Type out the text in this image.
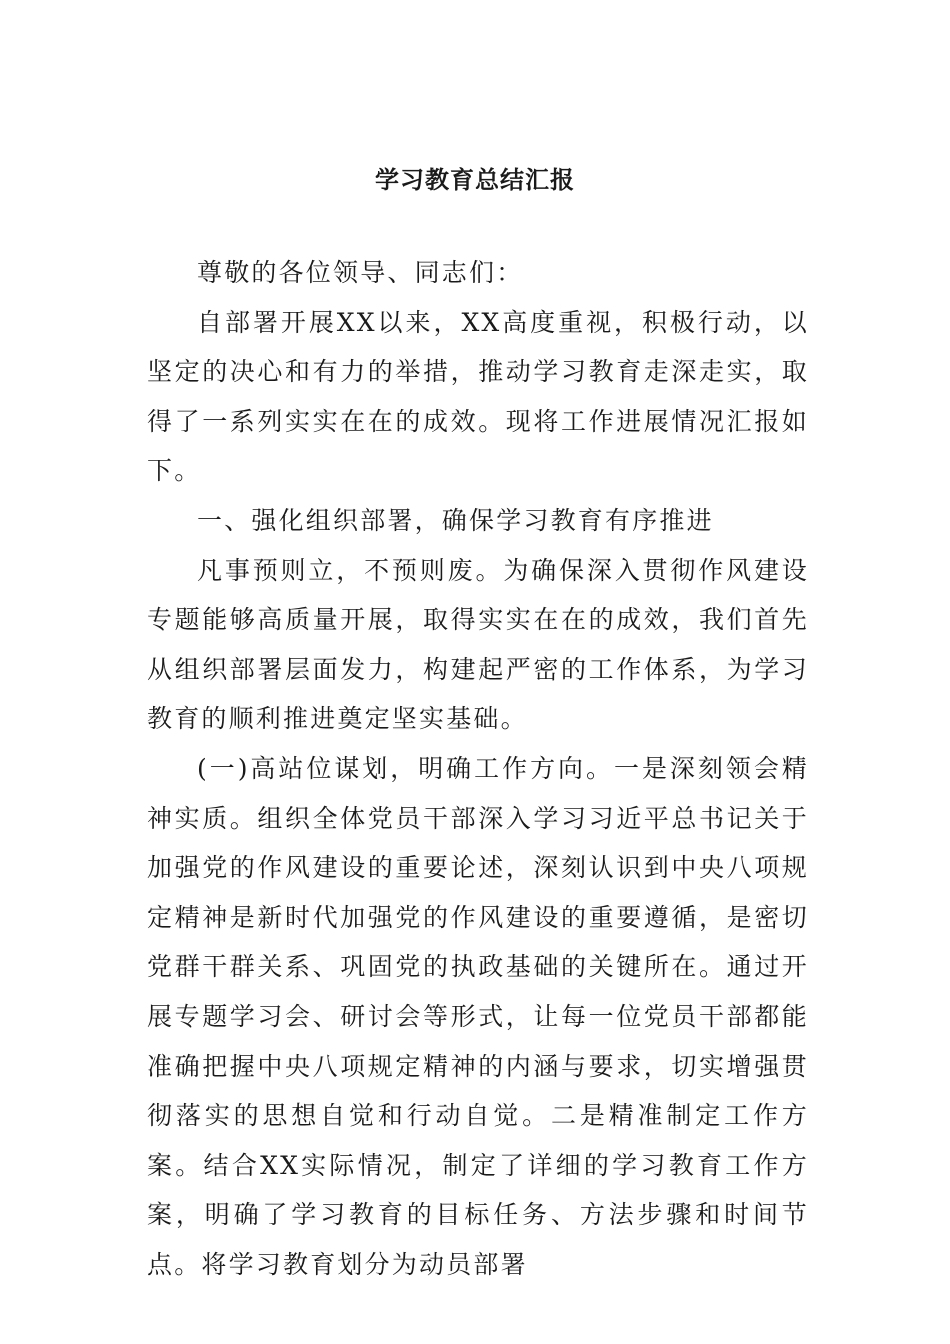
学习教育总结汇报

尊敬的各位领导、同志们：

自部署开展XX以来，XX高度重视，积极行动，以坚定的决心和有力的举措，推动学习教育走深走实，取得了一系列实实在在的成效。现将工作进展情况汇报如下。

一、强化组织部署，确保学习教育有序推进

凡事预则立，不预则废。为确保深入贯彻作风建设专题能够高质量开展，取得实实在在的成效，我们首先从组织部署层面发力，构建起严密的工作体系，为学习教育的顺利推进奠定坚实基础。

(一)高站位谋划，明确工作方向。一是深刻领会精神实质。组织全体党员干部深入学习习近平总书记关于加强党的作风建设的重要论述，深刻认识到中央八项规定精神是新时代加强党的作风建设的重要遵循，是密切党群干群关系、巩固党的执政基础的关键所在。通过开展专题学习会、研讨会等形式，让每一位党员干部都能准确把握中央八项规定精神的内涵与要求，切实增强贯彻落实的思想自觉和行动自觉。二是精准制定工作方案。结合XX实际情况，制定了详细的学习教育工作方案，明确了学习教育的目标任务、方法步骤和时间节点。将学习教育划分为动员部署
